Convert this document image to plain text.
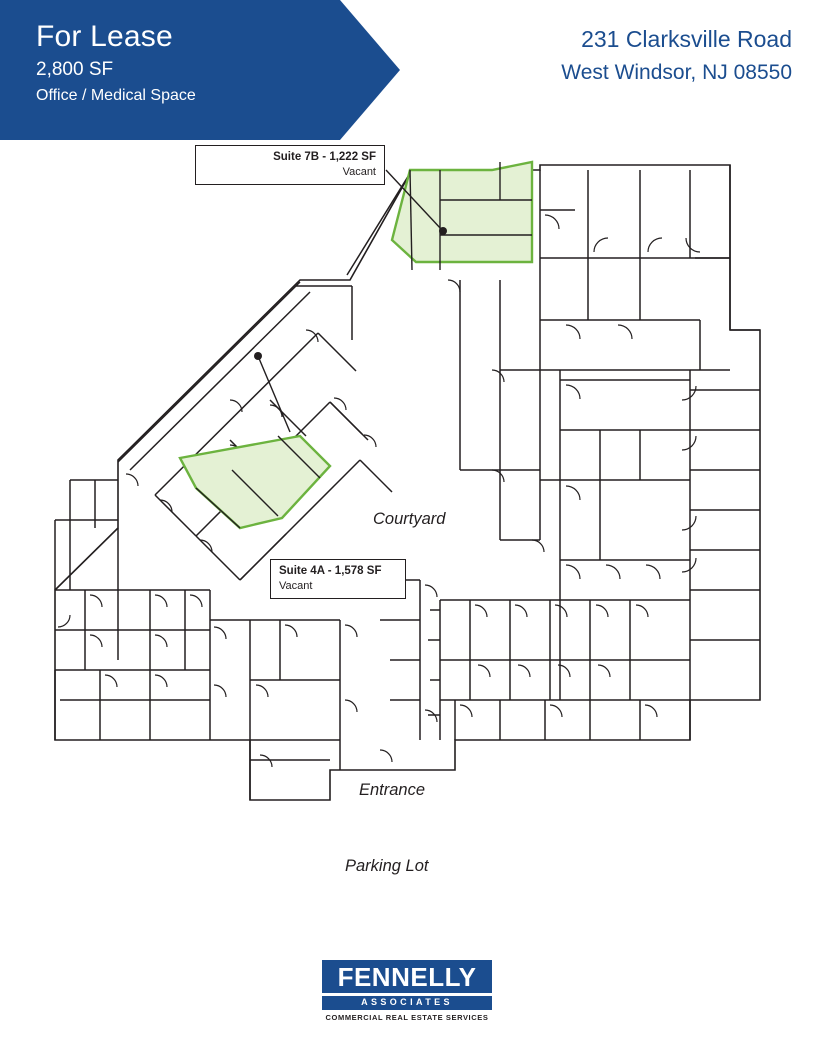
For Lease
2,800 SF
Office / Medical Space
231 Clarksville Road
West Windsor, NJ 08550
Suite 7B - 1,222 SF
Vacant
Suite 4A - 1,578 SF
Vacant
Courtyard
Entrance
Parking Lot
FENNELLY
ASSOCIATES
COMMERCIAL REAL ESTATE SERVICES
